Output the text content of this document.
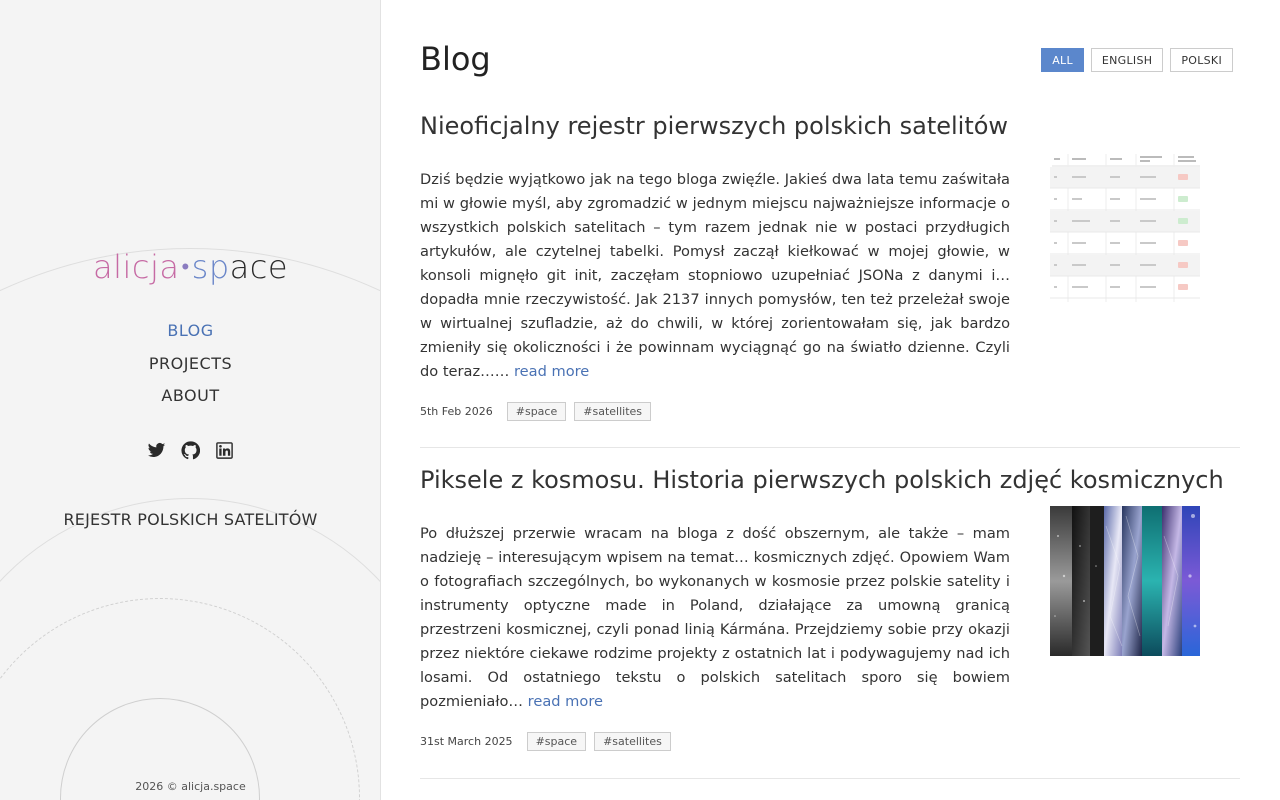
alicja•space
BLOG
PROJECTS
ABOUT
REJESTR POLSKICH SATELITÓW
2026 © alicja.space
Blog	ALL	ENGLISH	POLSKI
Nieoficjalny rejestr pierwszych polskich satelitów
Dziś będzie wyjątkowo jak na tego bloga zwięźle. Jakieś dwa lata temu zaświtała mi w głowie myśl, aby zgromadzić w jednym miejscu najważniejsze informacje o wszystkich polskich satelitach – tym razem jednak nie w postaci przydługich artykułów, ale czytelnej tabelki. Pomysł zaczął kiełkować w mojej głowie, w konsoli mignęło git init, zaczęłam stopniowo uzupełniać JSONa z danymi i… dopadła mnie rzeczywistość. Jak 2137 innych pomysłów, ten też przeleżał swoje w wirtualnej szufladzie, aż do chwili, w której zorientowałam się, jak bardzo zmieniły się okoliczności i że powinnam wyciągnąć go na światło dzienne. Czyli do teraz…… read more
5th Feb 2026	#space	#satellites
Piksele z kosmosu. Historia pierwszych polskich zdjęć kosmicznych
Po dłuższej przerwie wracam na bloga z dość obszernym, ale także – mam nadzieję – interesującym wpisem na temat… kosmicznych zdjęć. Opowiem Wam o fotografiach szczególnych, bo wykonanych w kosmosie przez polskie satelity i instrumenty optyczne made in Poland, działające za umowną granicą przestrzeni kosmicznej, czyli ponad linią Kármána. Przejdziemy sobie przy okazji przez niektóre ciekawe rodzime projekty z ostatnich lat i podywagujemy nad ich losami. Od ostatniego tekstu o polskich satelitach sporo się bowiem pozmieniało… read more
31st March 2025	#space	#satellites
